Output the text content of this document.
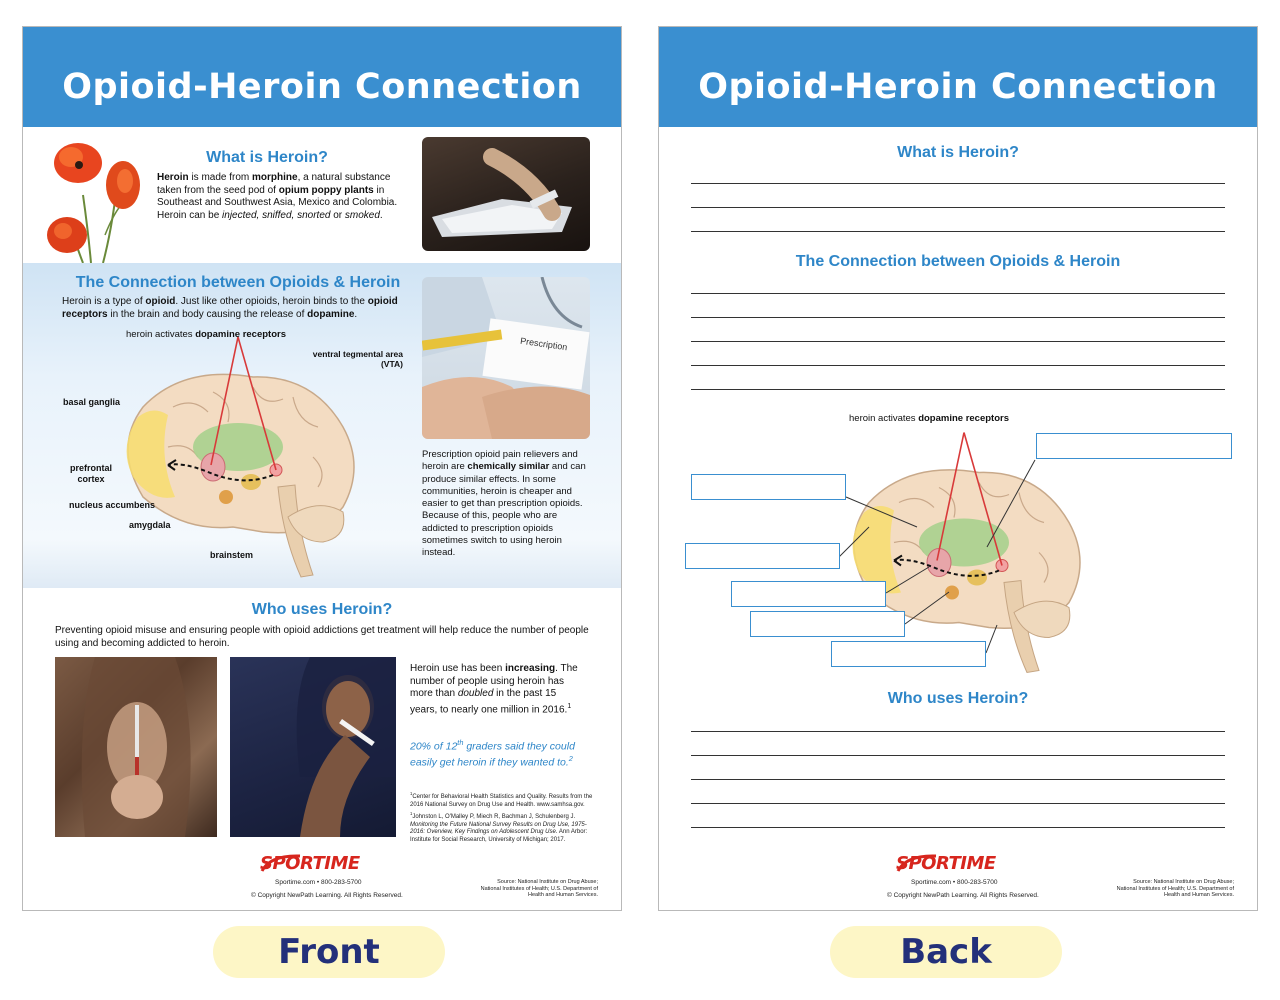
Opioid-Heroin Connection
What is Heroin?
Heroin is made from morphine, a natural substance taken from the seed pod of opium poppy plants in Southeast and Southwest Asia, Mexico and Colombia. Heroin can be injected, sniffed, snorted or smoked.
The Connection between Opioids & Heroin
Heroin is a type of opioid. Just like other opioids, heroin binds to the opioid receptors in the brain and body causing the release of dopamine.
heroin activates dopamine receptors
ventral tegmental area (VTA)
basal ganglia
prefrontal cortex
nucleus accumbens
amygdala
brainstem
Prescription
Prescription opioid pain relievers and heroin are chemically similar and can produce similar effects. In some communities, heroin is cheaper and easier to get than prescription opioids. Because of this, people who are addicted to prescription opioids sometimes switch to using heroin instead.
Who uses Heroin?
Preventing opioid misuse and ensuring people with opioid addictions get treatment will help reduce the number of people using and becoming addicted to heroin.
Heroin use has been increasing. The number of people using heroin has more than doubled in the past 15 years, to nearly one million in 2016.$^1$
20% of 12th graders said they could easily get heroin if they wanted to.$^2$
$^1$Center for Behavioral Health Statistics and Quality. Results from the 2016 National Survey on Drug Use and Health. www.samhsa.gov.
$^1$Johnston L, O'Malley P, Miech R, Bachman J, Schulenberg J. Monitoring the Future National Survey Results on Drug Use, 1975-2016: Overview, Key Findings on Adolescent Drug Use. Ann Arbor: Institute for Social Research, University of Michigan; 2017.
SPORTIME
Sportime.com • 800-283-5700
© Copyright NewPath Learning. All Rights Reserved.
Source: National Institute on Drug Abuse; National Institutes of Health; U.S. Department of Health and Human Services.
Opioid-Heroin Connection
What is Heroin?
The Connection between Opioids & Heroin
heroin activates dopamine receptors
Who uses Heroin?
SPORTIME
Sportime.com • 800-283-5700
© Copyright NewPath Learning. All Rights Reserved.
Source: National Institute on Drug Abuse; National Institutes of Health; U.S. Department of Health and Human Services.
Front	Back
